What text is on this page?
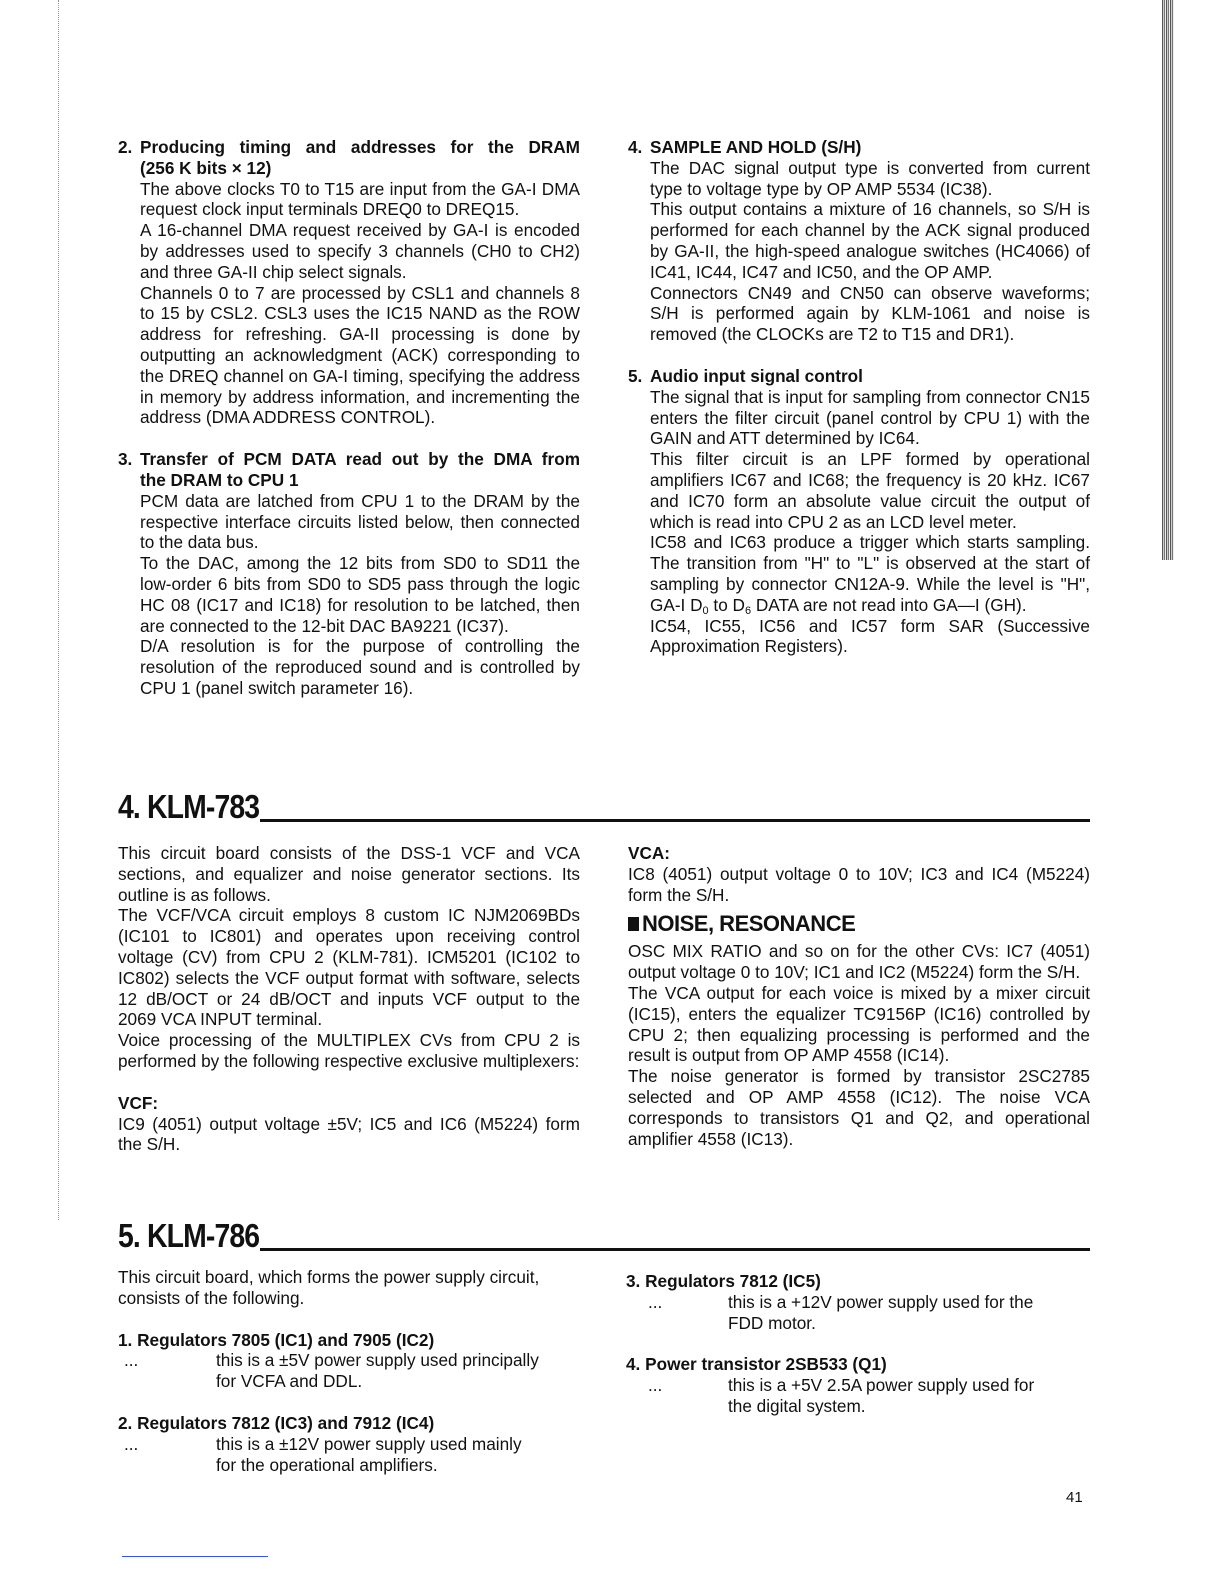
2. Producing timing and addresses for the DRAM
(256 K bits × 12)

The above clocks T0 to T15 are input from the GA-I DMA request clock input terminals DREQ0 to DREQ15.

A 16-channel DMA request received by GA-I is encoded by addresses used to specify 3 channels (CH0 to CH2) and three GA-II chip select signals.

Channels 0 to 7 are processed by CSL1 and channels 8 to 15 by CSL2. CSL3 uses the IC15 NAND as the ROW address for refreshing. GA-II processing is done by outputting an acknowledgment (ACK) corresponding to the DREQ channel on GA-I timing, specifying the address in memory by address information, and incrementing the address (DMA ADDRESS CONTROL).

3. Transfer of PCM DATA read out by the DMA from
the DRAM to CPU 1

PCM data are latched from CPU 1 to the DRAM by the respective interface circuits listed below, then connected to the data bus.

To the DAC, among the 12 bits from SD0 to SD11 the low-order 6 bits from SD0 to SD5 pass through the logic HC 08 (IC17 and IC18) for resolution to be latched, then are connected to the 12-bit DAC BA9221 (IC37).

D/A resolution is for the purpose of controlling the resolution of the reproduced sound and is controlled by CPU 1 (panel switch parameter 16).

4. SAMPLE AND HOLD (S/H)

The DAC signal output type is converted from current type to voltage type by OP AMP 5534 (IC38).

This output contains a mixture of 16 channels, so S/H is performed for each channel by the ACK signal produced by GA-II, the high-speed analogue switches (HC4066) of IC41, IC44, IC47 and IC50, and the OP AMP.

Connectors CN49 and CN50 can observe waveforms; S/H is performed again by KLM-1061 and noise is removed (the CLOCKs are T2 to T15 and DR1).

5. Audio input signal control

The signal that is input for sampling from connector CN15 enters the filter circuit (panel control by CPU 1) with the GAIN and ATT determined by IC64.

This filter circuit is an LPF formed by operational amplifiers IC67 and IC68; the frequency is 20 kHz. IC67 and IC70 form an absolute value circuit the output of which is read into CPU 2 as an LCD level meter.

IC58 and IC63 produce a trigger which starts sampling. The transition from "H" to "L" is observed at the start of sampling by connector CN12A-9. While the level is "H", GA-I $D_0$ to $D_6$ DATA are not read into GA—I (GH).

IC54, IC55, IC56 and IC57 form SAR (Successive Approximation Registers).

4. KLM-783

This circuit board consists of the DSS-1 VCF and VCA sections, and equalizer and noise generator sections. Its outline is as follows.

The VCF/VCA circuit employs 8 custom IC NJM2069BDs (IC101 to IC801) and operates upon receiving control voltage (CV) from CPU 2 (KLM-781). ICM5201 (IC102 to IC802) selects the VCF output format with software, selects 12 dB/OCT or 24 dB/OCT and inputs VCF output to the 2069 VCA INPUT terminal.

Voice processing of the MULTIPLEX CVs from CPU 2 is performed by the following respective exclusive multiplexers:

VCF:

IC9 (4051) output voltage ±5V; IC5 and IC6 (M5224) form the S/H.

VCA:

IC8 (4051) output voltage 0 to 10V; IC3 and IC4 (M5224) form the S/H.

NOISE, RESONANCE

OSC MIX RATIO and so on for the other CVs: IC7 (4051) output voltage 0 to 10V; IC1 and IC2 (M5224) form the S/H.

The VCA output for each voice is mixed by a mixer circuit (IC15), enters the equalizer TC9156P (IC16) controlled by CPU 2; then equalizing processing is performed and the result is output from OP AMP 4558 (IC14).

The noise generator is formed by transistor 2SC2785 selected and OP AMP 4558 (IC12). The noise VCA corresponds to transistors Q1 and Q2, and operational amplifier 4558 (IC13).

5. KLM-786

This circuit board, which forms the power supply circuit, consists of the following.

1. Regulators 7805 (IC1) and 7905 (IC2)
...	this is a ±5V power supply used principally
for VCFA and DDL.
2. Regulators 7812 (IC3) and 7912 (IC4)
...	this is a ±12V power supply used mainly
for the operational amplifiers.
3. Regulators 7812 (IC5)
...	this is a +12V power supply used for the
FDD motor.
4. Power transistor 2SB533 (Q1)
...	this is a +5V 2.5A power supply used for
the digital system.
41
